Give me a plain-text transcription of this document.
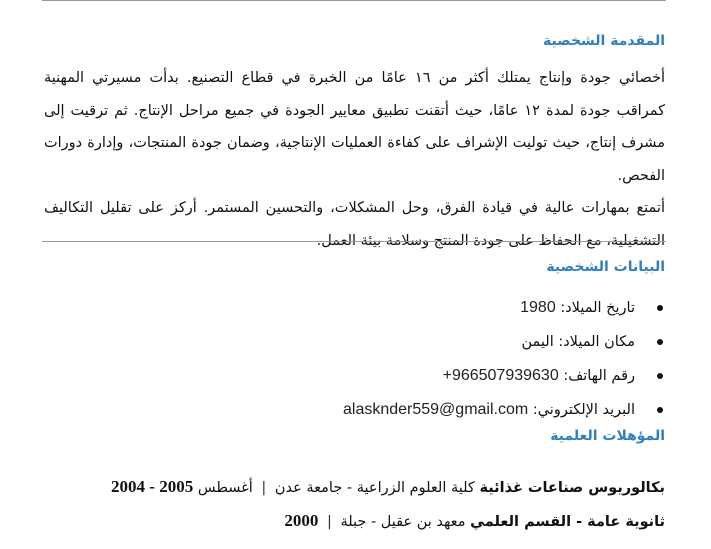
المقدمة الشخصية

أخصائي جودة وإنتاج يمتلك أكثر من ١٦ عامًا من الخبرة في قطاع التصنيع. بدأت مسيرتي المهنية كمراقب جودة لمدة ١٢ عامًا، حيث أتقنت تطبيق معايير الجودة في جميع مراحل الإنتاج. ثم ترقيت إلى مشرف إنتاج، حيث توليت الإشراف على كفاءة العمليات الإنتاجية، وضمان جودة المنتجات، وإدارة دورات الفحص.

أتمتع بمهارات عالية في قيادة الفرق، وحل المشكلات، والتحسين المستمر. أركز على تقليل التكاليف التشغيلية، مع الحفاظ على جودة المنتج وسلامة بيئة العمل.

البيانات الشخصية
تاريخ الميلاد: 1980
مكان الميلاد: اليمن
رقم الهاتف: +966507939630
البريد الإلكتروني: alasknder559@gmail.com
المؤهلات العلمية
بكالوريوس صناعات غذائية كلية العلوم الزراعية - جامعة عدن | أغسطس 2004 - 2005
ثانوية عامة - القسم العلمي معهد بن عقيل - جبلة | 2000
